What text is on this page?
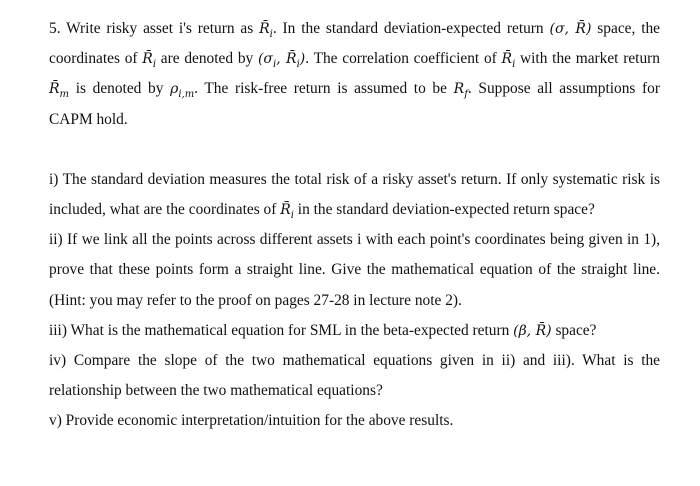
5. Write risky asset i's return as $R̄_i$. In the standard deviation-expected return (σ, R̄) space, the coordinates of $R̄_i$ are denoted by ($\sigma_i$, $R̄_i$). The correlation coefficient of $R̄_i$ with the market return $R̄_m$ is denoted by $\rho_{i,m}$. The risk-free return is assumed to be $R_f$. Suppose all assumptions for CAPM hold.

i) The standard deviation measures the total risk of a risky asset's return. If only systematic risk is included, what are the coordinates of $R̄_i$ in the standard deviation-expected return space?

ii) If we link all the points across different assets i with each point's coordinates being given in 1), prove that these points form a straight line. Give the mathematical equation of the straight line. (Hint: you may refer to the proof on pages 27-28 in lecture note 2).

iii) What is the mathematical equation for SML in the beta-expected return (β, R̄) space?

iv) Compare the slope of the two mathematical equations given in ii) and iii). What is the relationship between the two mathematical equations?

v) Provide economic interpretation/intuition for the above results.
